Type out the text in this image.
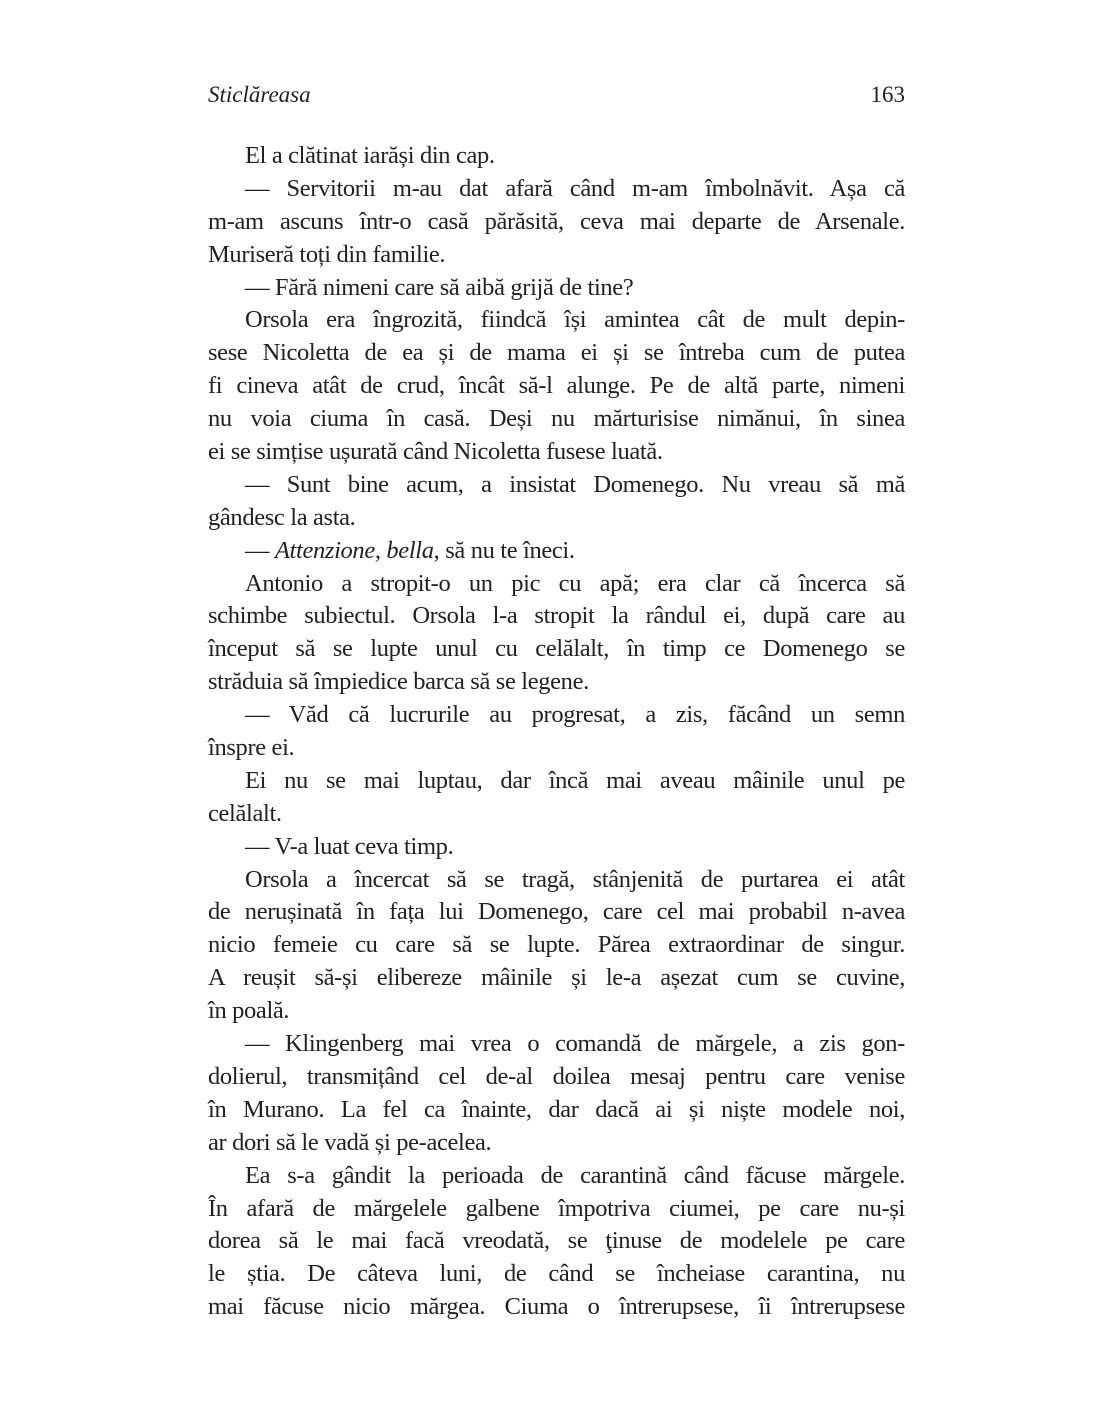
Sticlăreasa	163
El a clătinat iarăși din cap.
— Servitorii m-au dat afară când m-am îmbolnăvit. Așa că
m-am ascuns într-o casă părăsită, ceva mai departe de Arsenale.
Muriseră toți din familie.
— Fără nimeni care să aibă grijă de tine?
Orsola era îngrozită, fiindcă își amintea cât de mult depin-
sese Nicoletta de ea și de mama ei și se întreba cum de putea
fi cineva atât de crud, încât să-l alunge. Pe de altă parte, nimeni
nu voia ciuma în casă. Deși nu mărturisise nimănui, în sinea
ei se simțise ușurată când Nicoletta fusese luată.
— Sunt bine acum, a insistat Domenego. Nu vreau să mă
gândesc la asta.
— Attenzione, bella, să nu te îneci.
Antonio a stropit-o un pic cu apă; era clar că încerca să
schimbe subiectul. Orsola l-a stropit la rândul ei, după care au
început să se lupte unul cu celălalt, în timp ce Domenego se
străduia să împiedice barca să se legene.
— Văd că lucrurile au progresat, a zis, făcând un semn
înspre ei.
Ei nu se mai luptau, dar încă mai aveau mâinile unul pe
celălalt.
— V-a luat ceva timp.
Orsola a încercat să se tragă, stânjenită de purtarea ei atât
de nerușinată în fața lui Domenego, care cel mai probabil n-avea
nicio femeie cu care să se lupte. Părea extraordinar de singur.
A reușit să-și elibereze mâinile și le-a așezat cum se cuvine,
în poală.
— Klingenberg mai vrea o comandă de mărgele, a zis gon-
dolierul, transmițând cel de-al doilea mesaj pentru care venise
în Murano. La fel ca înainte, dar dacă ai și niște modele noi,
ar dori să le vadă și pe-acelea.
Ea s-a gândit la perioada de carantină când făcuse mărgele.
În afară de mărgelele galbene împotriva ciumei, pe care nu-și
dorea să le mai facă vreodată, se ţinuse de modelele pe care
le știa. De câteva luni, de când se încheiase carantina, nu
mai făcuse nicio mărgea. Ciuma o întrerupsese, îi întrerupsese
